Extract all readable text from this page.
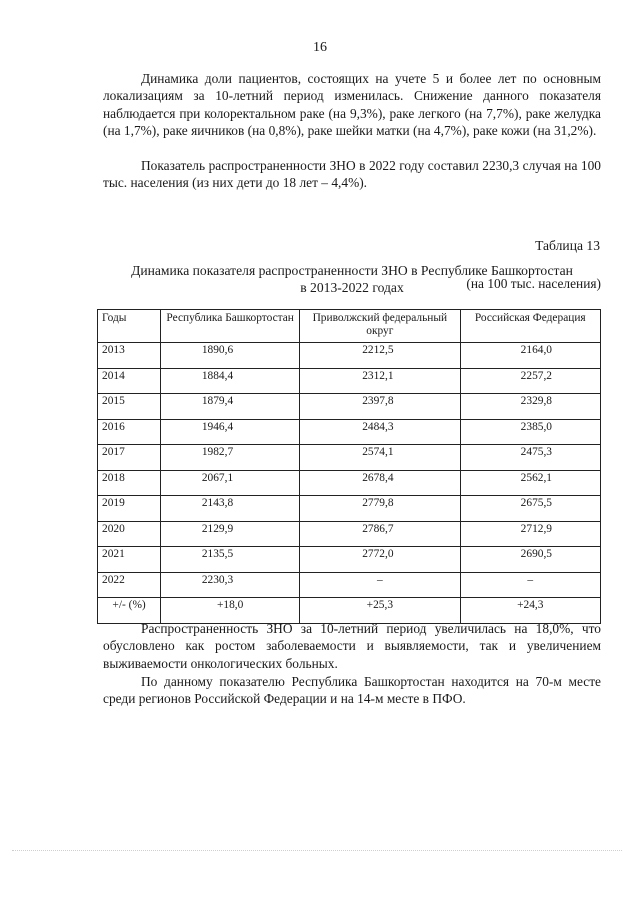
16

Динамика доли пациентов, состоящих на учете 5 и более лет по основным локализациям за 10-летний период изменилась. Снижение данного показателя наблюдается при колоректальном раке (на 9,3%), раке легкого (на 7,7%), раке желудка (на 1,7%), раке яичников (на 0,8%), раке шейки матки (на 4,7%), раке кожи (на 31,2%).

Показатель распространенности ЗНО в 2022 году составил 2230,3 случая на 100 тыс. населения (из них дети до 18 лет – 4,4%).

Таблица 13
Динамика показателя распространенности ЗНО в Республике Башкортостан
в 2013-2022 годах	(на 100 тыс. населения)
Годы	Республика Башкортостан	Приволжский федеральный округ	Российская Федерация
2013	1890,6	2212,5	2164,0
2014	1884,4	2312,1	2257,2
2015	1879,4	2397,8	2329,8
2016	1946,4	2484,3	2385,0
2017	1982,7	2574,1	2475,3
2018	2067,1	2678,4	2562,1
2019	2143,8	2779,8	2675,5
2020	2129,9	2786,7	2712,9
2021	2135,5	2772,0	2690,5
2022	2230,3	–	–
+/- (%)	+18,0	+25,3	+24,3

Распространенность ЗНО за 10-летний период увеличилась на 18,0%, что обусловлено как ростом заболеваемости и выявляемости, так и увеличением выживаемости онкологических больных.

По данному показателю Республика Башкортостан находится на 70-м месте среди регионов Российской Федерации и на 14-м месте в ПФО.
